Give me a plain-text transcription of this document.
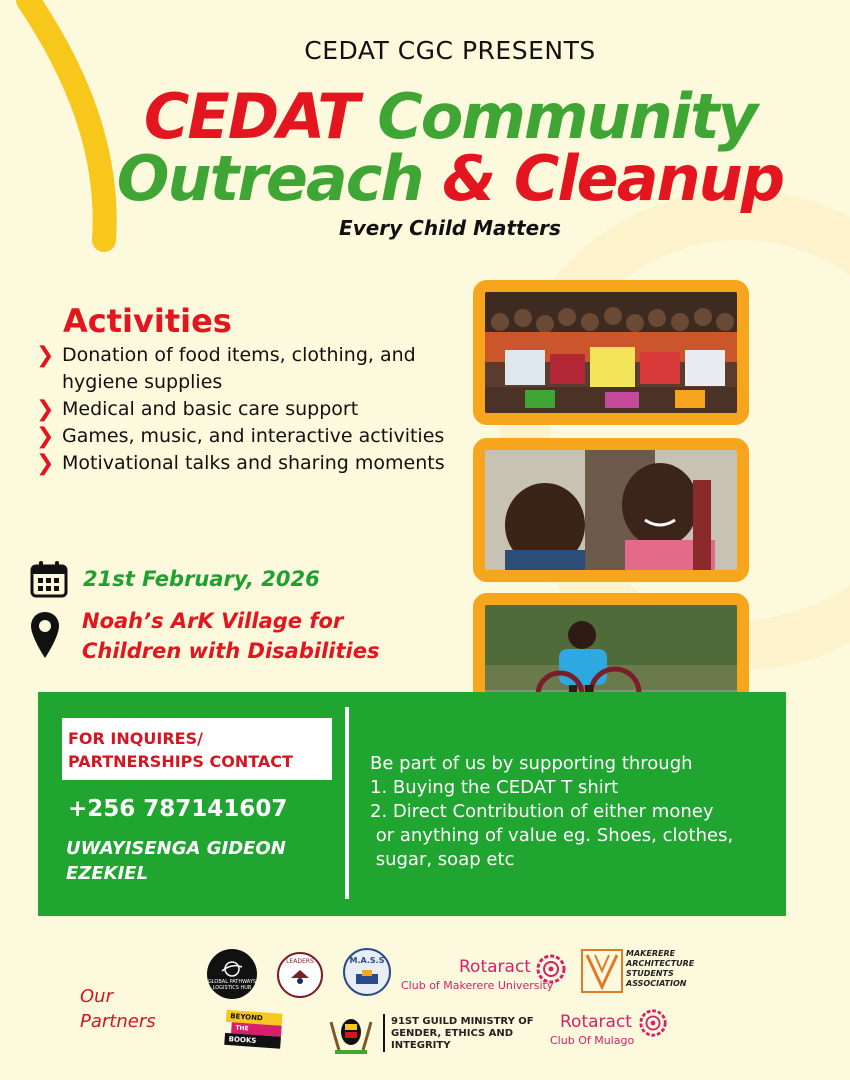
CEDAT CGC PRESENTS
CEDAT Community
Outreach & Cleanup
Every Child Matters
Activities
❯ Donation of food items, clothing, and hygiene supplies
❯ Medical and basic care support
❯ Games, music, and interactive activities
❯ Motivational talks and sharing moments
21st February, 2026
Noah’s ArK Village for
Children with Disabilities
FOR INQUIRES/
PARTNERSHIPS CONTACT
+256 787141607
UWAYISENGA GIDEON
EZEKIEL
Be part of us by supporting through
1. Buying the CEDAT T shirt
2. Direct Contribution of either money
or anything of value eg. Shoes, clothes,
sugar, soap etc
Our
Partners
GLOBAL PATHWAYS LOGISTICS HUB
LEADERS	M.A.S.S	Rotaract
Club of Makerere University
MAKERERE
ARCHITECTURE
STUDENTS
ASSOCIATION
BEYOND
THE
BOOKS
91ST GUILD MINISTRY OF
GENDER, ETHICS AND
INTEGRITY
Rotaract
Club Of Mulago
